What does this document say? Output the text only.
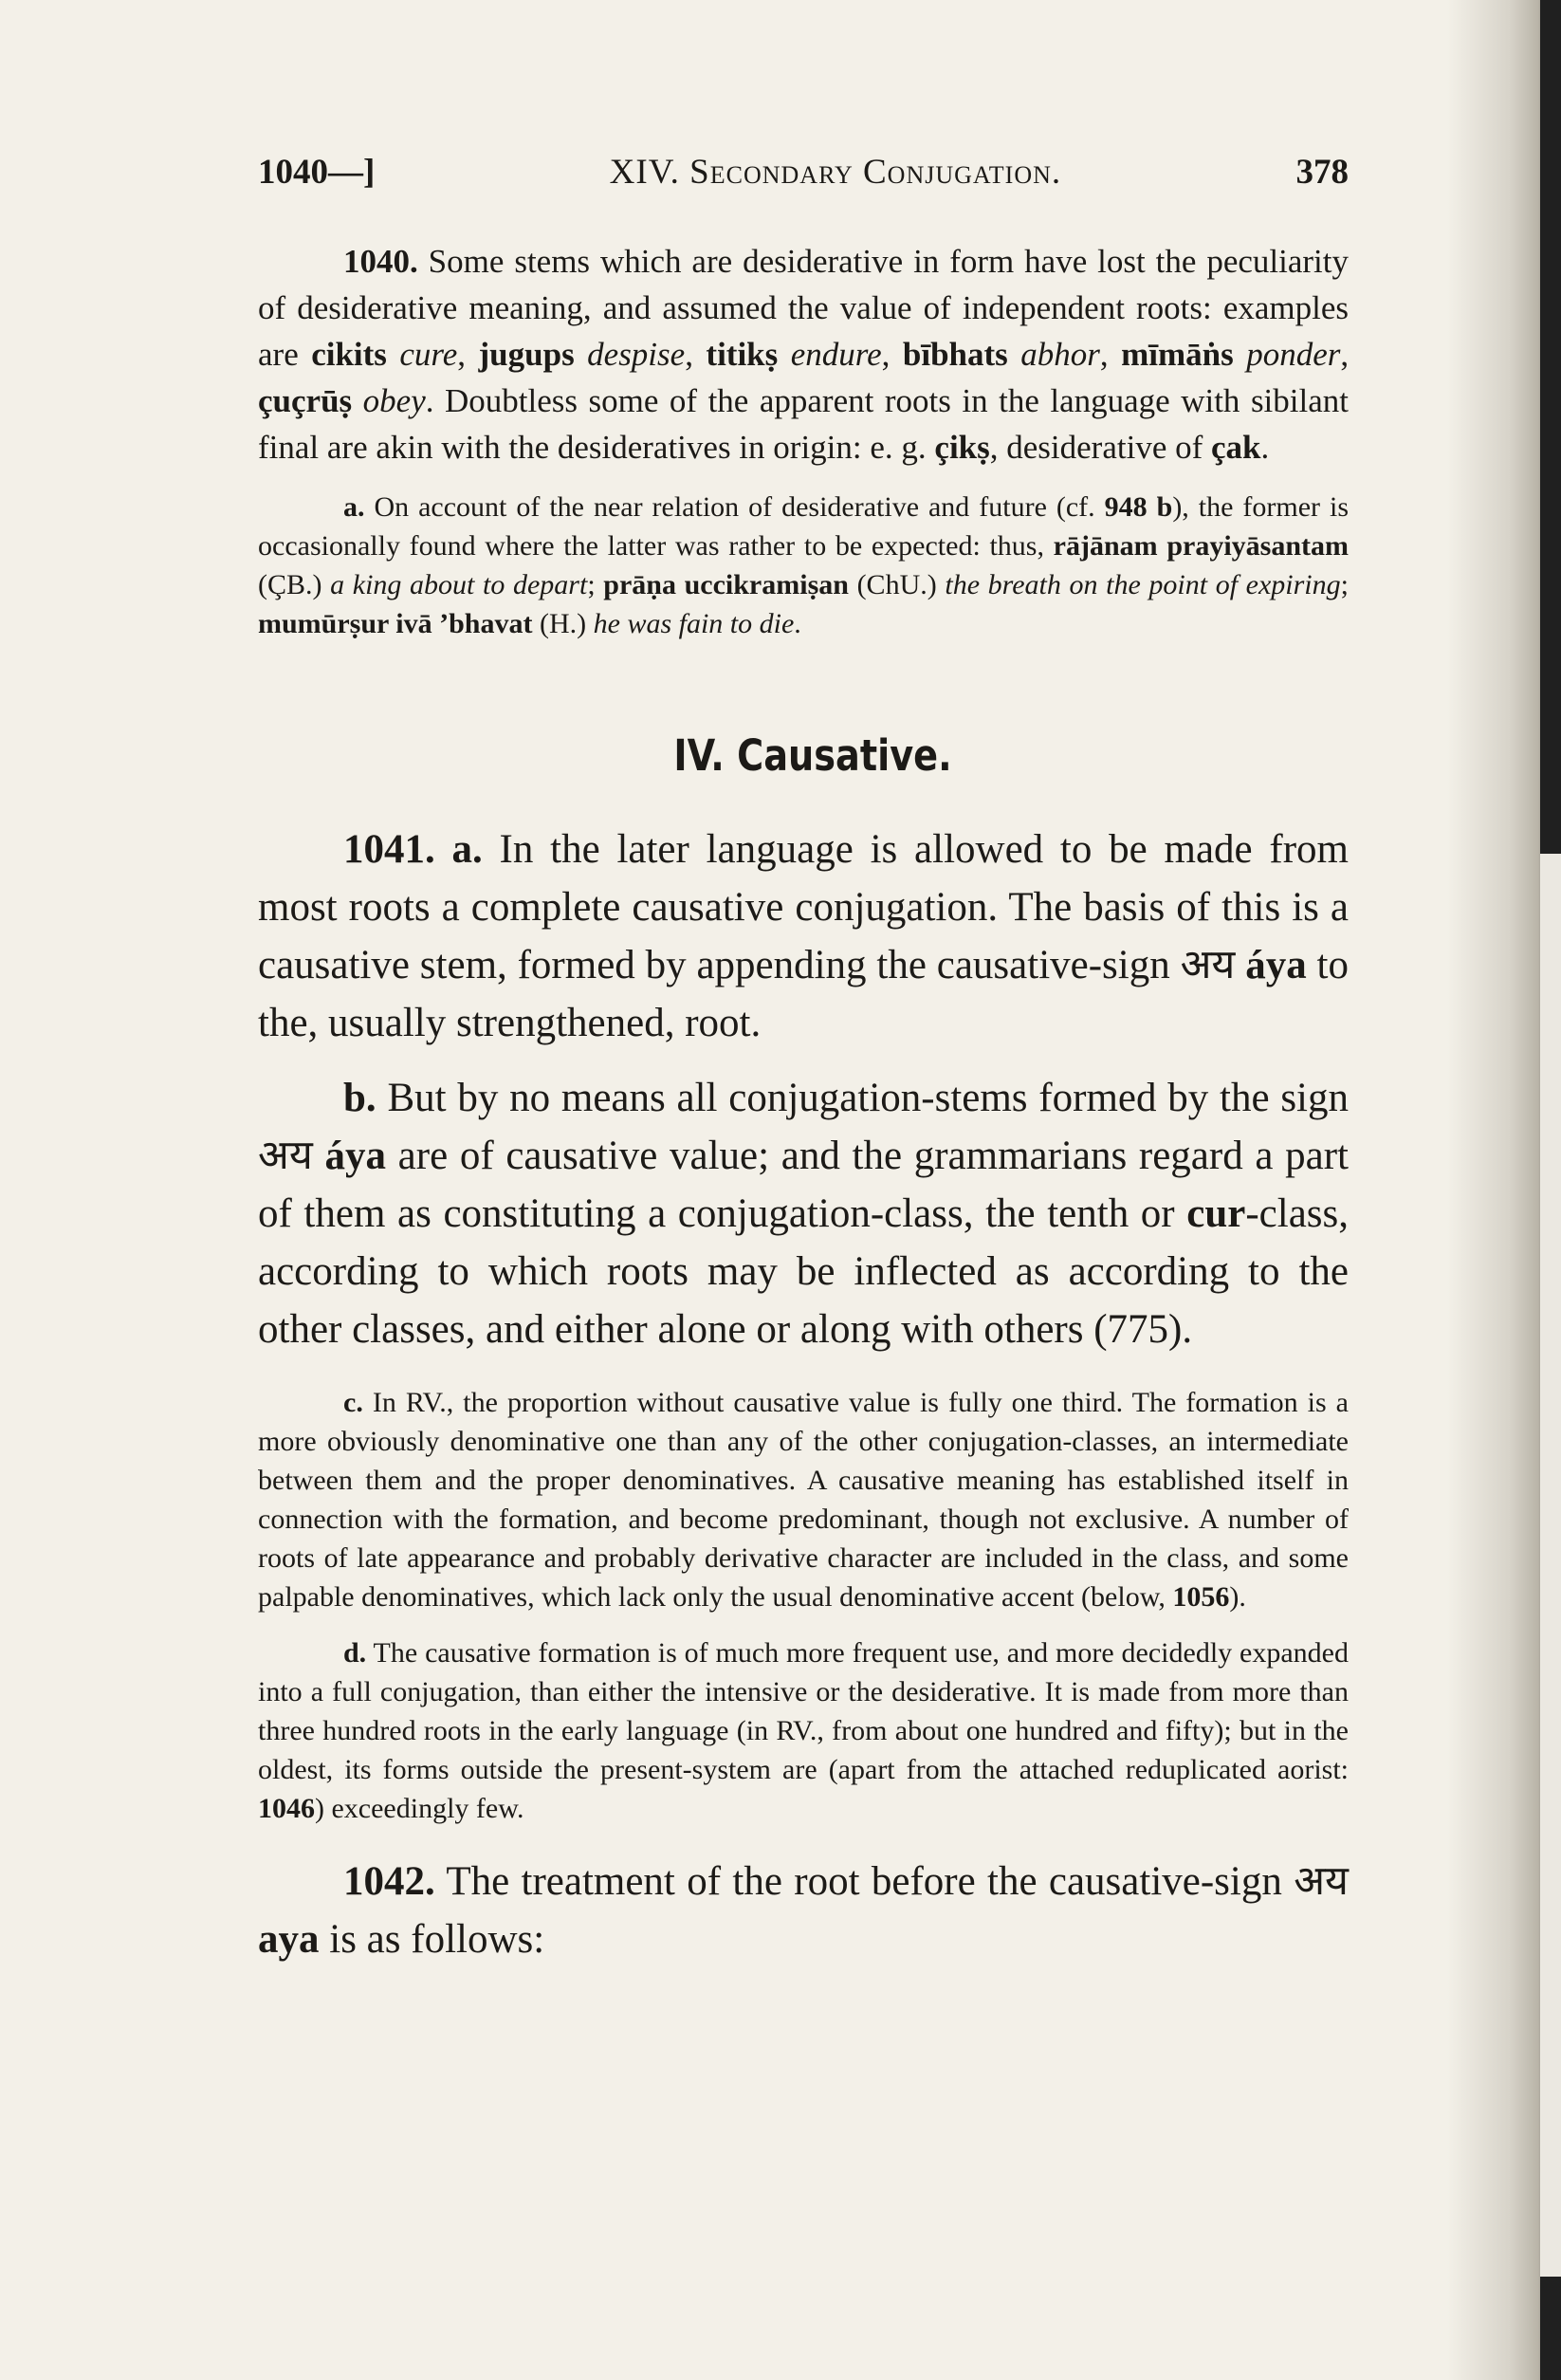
1040—]	XIV. Secondary Conjugation.	378

1040. Some stems which are desiderative in form have lost the peculiarity of desiderative meaning, and assumed the value of independent roots: examples are cikits cure, jugups despise, titikṣ endure, bībhats abhor, mīmāṅs ponder, çuçrūṣ obey. Doubtless some of the apparent roots in the language with sibilant final are akin with the desideratives in origin: e. g. çikṣ, desiderative of çak.

a. On account of the near relation of desiderative and future (cf. 948 b), the former is occasionally found where the latter was rather to be expected: thus, rājānam prayiyāsantam (ÇB.) a king about to depart; prāṇa uccikramiṣan (ChU.) the breath on the point of expiring; mumūrṣur ivā ’bhavat (H.) he was fain to die.

IV. Causative.

1041. a. In the later language is allowed to be made from most roots a complete causative conjugation. The basis of this is a causative stem, formed by appending the causative-sign अय áya to the, usually strengthened, root.

b. But by no means all conjugation-stems formed by the sign अय áya are of causative value; and the grammarians regard a part of them as constituting a conjugation-class, the tenth or cur-class, according to which roots may be inflected as according to the other classes, and either alone or along with others (775).

c. In RV., the proportion without causative value is fully one third. The formation is a more obviously denominative one than any of the other conjugation-classes, an intermediate between them and the proper denominatives. A causative meaning has established itself in connection with the formation, and become predominant, though not exclusive. A number of roots of late appearance and probably derivative character are included in the class, and some palpable denominatives, which lack only the usual denominative accent (below, 1056).

d. The causative formation is of much more frequent use, and more decidedly expanded into a full conjugation, than either the intensive or the desiderative. It is made from more than three hundred roots in the early language (in RV., from about one hundred and fifty); but in the oldest, its forms outside the present-system are (apart from the attached reduplicated aorist: 1046) exceedingly few.

1042. The treatment of the root before the causative-sign अय aya is as follows:
